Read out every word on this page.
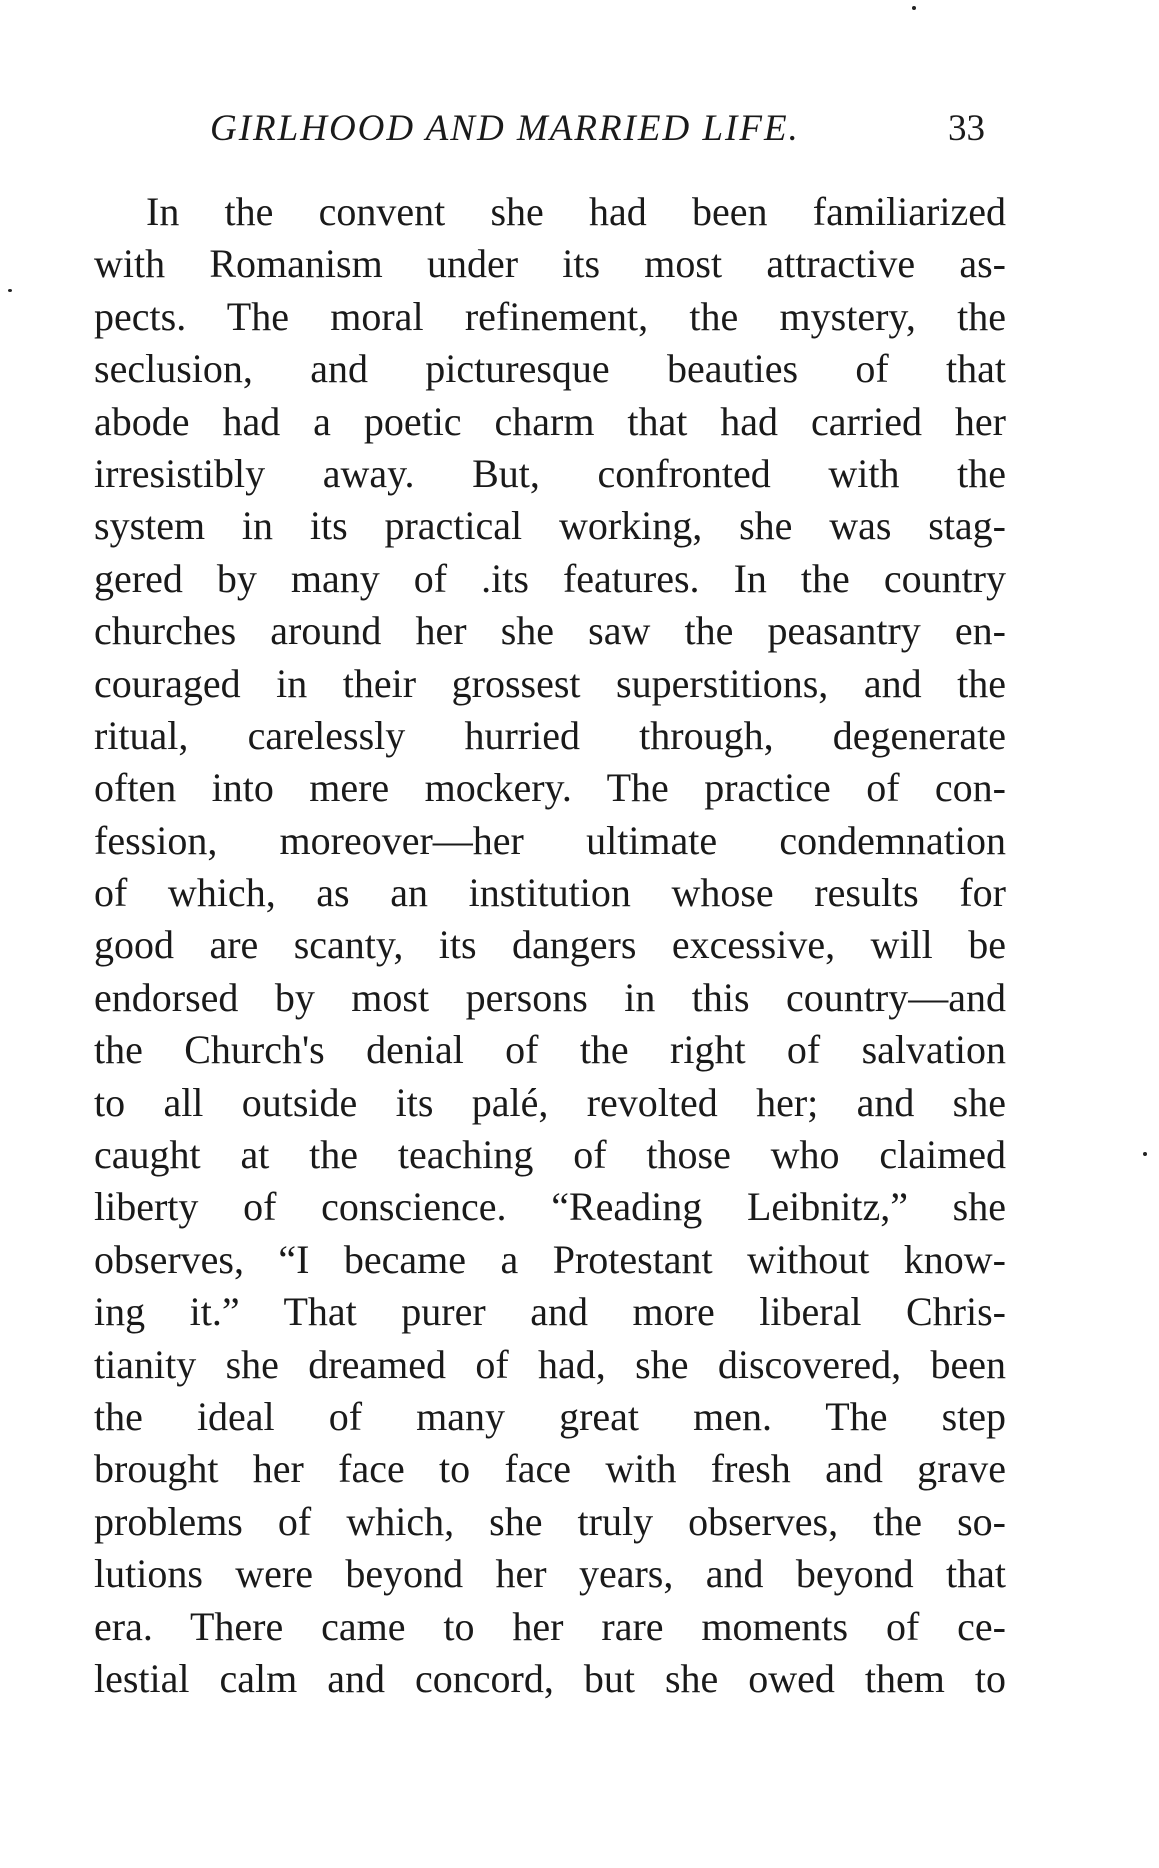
GIRLHOOD AND MARRIED LIFE.	33
In the convent she had been familiarized
with Romanism under its most attractive as-
pects. The moral refinement, the mystery, the
seclusion, and picturesque beauties of that
abode had a poetic charm that had carried her
irresistibly away. But, confronted with the
system in its practical working, she was stag-
gered by many of .its features. In the country
churches around her she saw the peasantry en-
couraged in their grossest superstitions, and the
ritual, carelessly hurried through, degenerate
often into mere mockery. The practice of con-
fession, moreover—her ultimate condemnation
of which, as an institution whose results for
good are scanty, its dangers excessive, will be
endorsed by most persons in this country—and
the Church's denial of the right of salvation
to all outside its palé, revolted her; and she
caught at the teaching of those who claimed
liberty of conscience. “Reading Leibnitz,” she
observes, “I became a Protestant without know-
ing it.” That purer and more liberal Chris-
tianity she dreamed of had, she discovered, been
the ideal of many great men. The step
brought her face to face with fresh and grave
problems of which, she truly observes, the so-
lutions were beyond her years, and beyond that
era. There came to her rare moments of ce-
lestial calm and concord, but she owed them to
